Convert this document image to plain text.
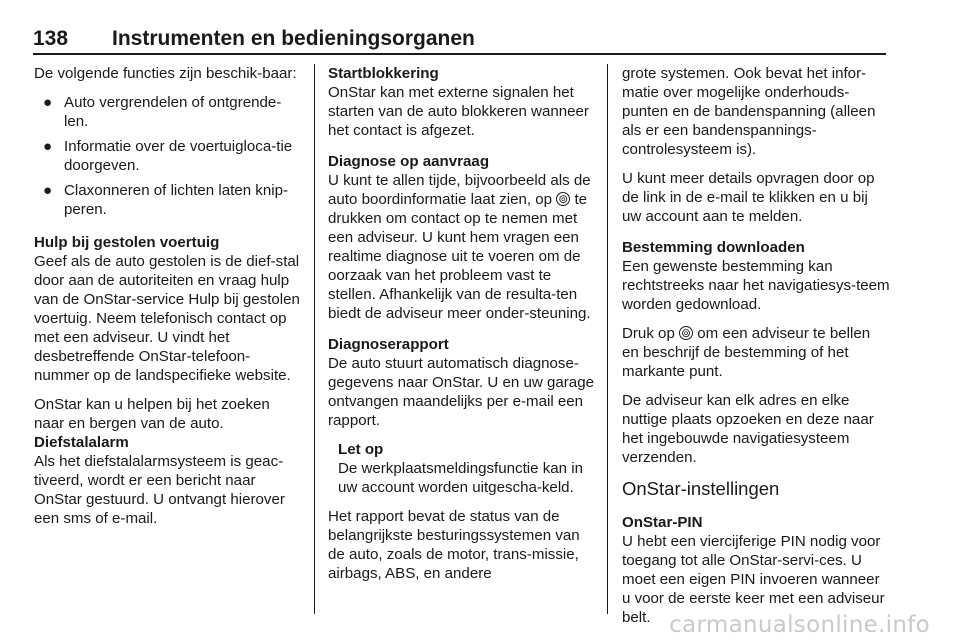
138 Instrumenten en bedieningsorganen

De volgende functies zijn beschik-baar:

● Auto vergrendelen of ontgrende-len.
● Informatie over de voertuigloca-tie doorgeven.
● Claxonneren of lichten laten knip-peren.

Hulp bij gestolen voertuig

Geef als de auto gestolen is de dief-stal door aan de autoriteiten en vraag hulp van de OnStar-service Hulp bij gestolen voertuig. Neem telefonisch contact op met een adviseur. U vindt het desbetreffende OnStar-telefoon-nummer op de landspecifieke website.

OnStar kan u helpen bij het zoeken naar en bergen van de auto.

Diefstalalarm

Als het diefstalalarmsysteem is geac-tiveerd, wordt er een bericht naar OnStar gestuurd. U ontvangt hierover een sms of e-mail.

Startblokkering

OnStar kan met externe signalen het starten van de auto blokkeren wanneer het contact is afgezet.

Diagnose op aanvraag

U kunt te allen tijde, bijvoorbeeld als de auto boordinformatie laat zien, op ⊚ te drukken om contact op te nemen met een adviseur. U kunt hem vragen een realtime diagnose uit te voeren om de oorzaak van het probleem vast te stellen. Afhankelijk van de resulta-ten biedt de adviseur meer onder-steuning.

Diagnoserapport

De auto stuurt automatisch diagnose-gegevens naar OnStar. U en uw garage ontvangen maandelijks per e-mail een rapport.

Let op

De werkplaatsmeldingsfunctie kan in uw account worden uitgescha-keld.

Het rapport bevat de status van de belangrijkste besturingssystemen van de auto, zoals de motor, trans-missie, airbags, ABS, en andere

grote systemen. Ook bevat het infor-matie over mogelijke onderhouds-punten en de bandenspanning (alleen als er een bandenspannings-controlesysteem is).

U kunt meer details opvragen door op de link in de e-mail te klikken en u bij uw account aan te melden.

Bestemming downloaden

Een gewenste bestemming kan rechtstreeks naar het navigatiesys-teem worden gedownload.

Druk op ⊚ om een adviseur te bellen en beschrijf de bestemming of het markante punt.

De adviseur kan elk adres en elke nuttige plaats opzoeken en deze naar het ingebouwde navigatiesysteem verzenden.

OnStar-instellingen

OnStar-PIN

U hebt een viercijferige PIN nodig voor toegang tot alle OnStar-servi-ces. U moet een eigen PIN invoeren wanneer u voor de eerste keer met een adviseur belt. carmanualsonline.info
